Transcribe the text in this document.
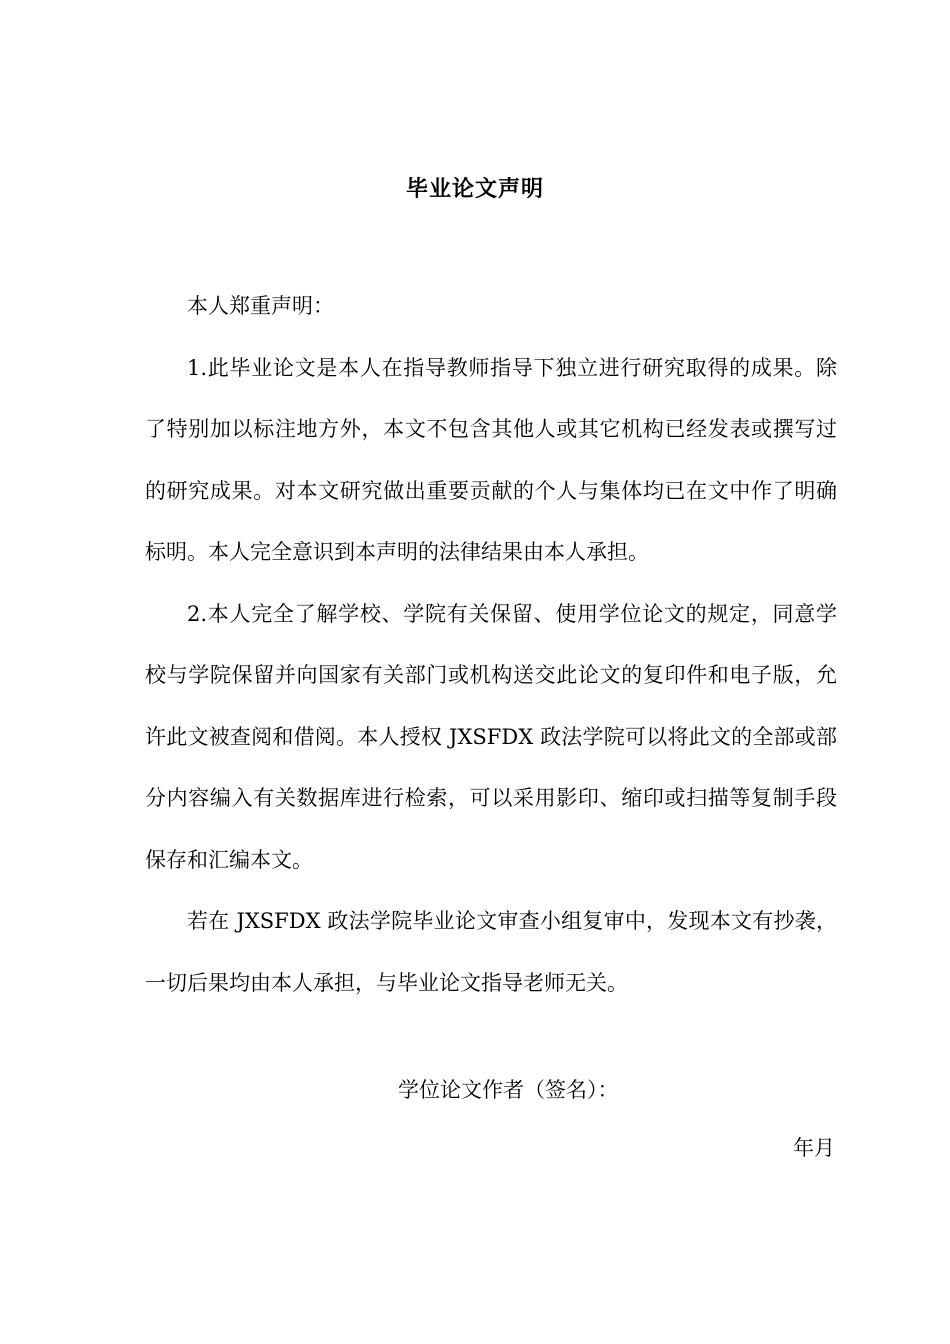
毕业论文声明

本人郑重声明：

1.此毕业论文是本人在指导教师指导下独立进行研究取得的成果。除了特别加以标注地方外，本文不包含其他人或其它机构已经发表或撰写过的研究成果。对本文研究做出重要贡献的个人与集体均已在文中作了明确标明。本人完全意识到本声明的法律结果由本人承担。

2.本人完全了解学校、学院有关保留、使用学位论文的规定，同意学校与学院保留并向国家有关部门或机构送交此论文的复印件和电子版，允许此文被查阅和借阅。本人授权 JXSFDX 政法学院可以将此文的全部或部分内容编入有关数据库进行检索，可以采用影印、缩印或扫描等复制手段保存和汇编本文。

若在 JXSFDX 政法学院毕业论文审查小组复审中，发现本文有抄袭，一切后果均由本人承担，与毕业论文指导老师无关。

学位论文作者（签名）：
年月
